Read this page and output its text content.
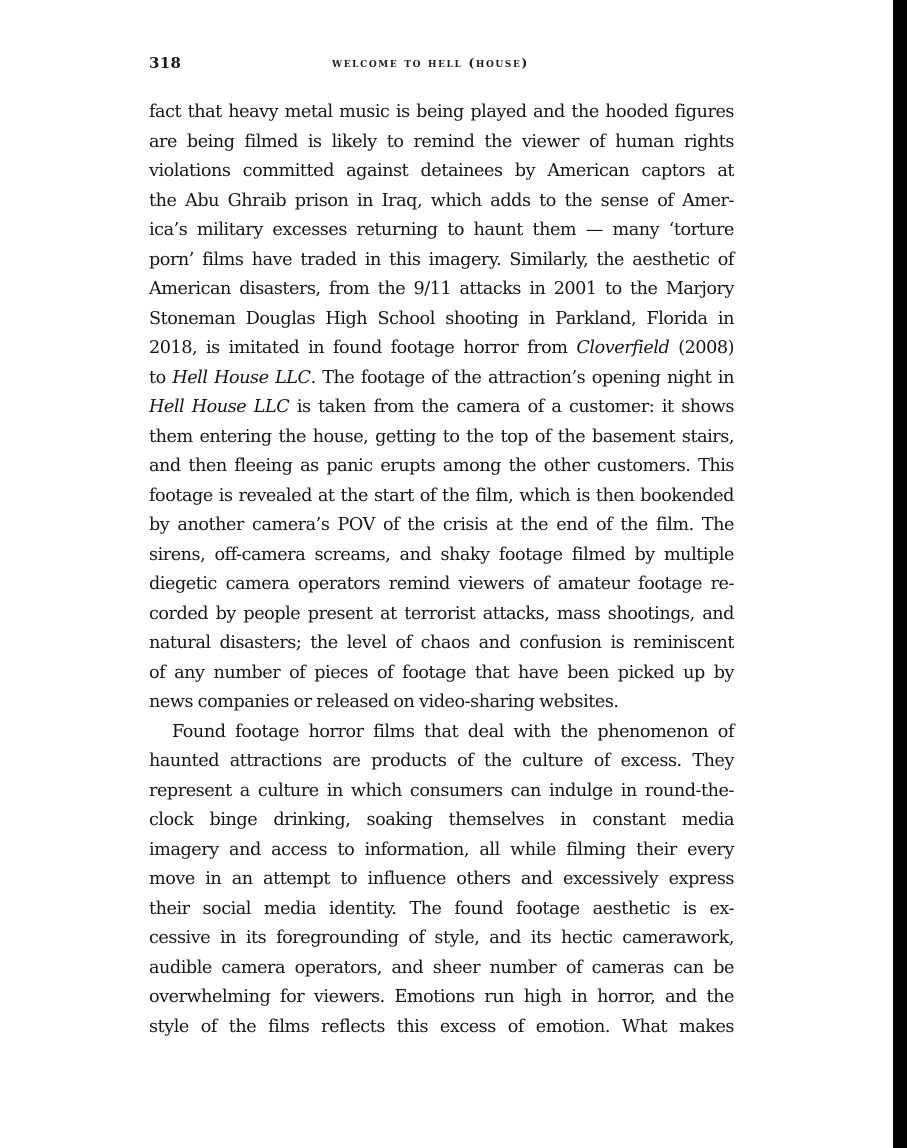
318	welcome to hell (house)
fact that heavy metal music is being played and the hooded figures
are being filmed is likely to remind the viewer of human rights
violations committed against detainees by American captors at
the Abu Ghraib prison in Iraq, which adds to the sense of Amer-
ica’s military excesses returning to haunt them — many ‘torture
porn’ films have traded in this imagery. Similarly, the aesthetic of
American disasters, from the 9/11 attacks in 2001 to the Marjory
Stoneman Douglas High School shooting in Parkland, Florida in
2018, is imitated in found footage horror from Cloverfield (2008)
to Hell House LLC. The footage of the attraction’s opening night in
Hell House LLC is taken from the camera of a customer: it shows
them entering the house, getting to the top of the basement stairs,
and then fleeing as panic erupts among the other customers. This
footage is revealed at the start of the film, which is then bookended
by another camera’s POV of the crisis at the end of the film. The
sirens, off-camera screams, and shaky footage filmed by multiple
diegetic camera operators remind viewers of amateur footage re-
corded by people present at terrorist attacks, mass shootings, and
natural disasters; the level of chaos and confusion is reminiscent
of any number of pieces of footage that have been picked up by
news companies or released on video-sharing websites.
Found footage horror films that deal with the phenomenon of
haunted attractions are products of the culture of excess. They
represent a culture in which consumers can indulge in round-the-
clock binge drinking, soaking themselves in constant media
imagery and access to information, all while filming their every
move in an attempt to influence others and excessively express
their social media identity. The found footage aesthetic is ex-
cessive in its foregrounding of style, and its hectic camerawork,
audible camera operators, and sheer number of cameras can be
overwhelming for viewers. Emotions run high in horror, and the
style of the films reflects this excess of emotion. What makes
